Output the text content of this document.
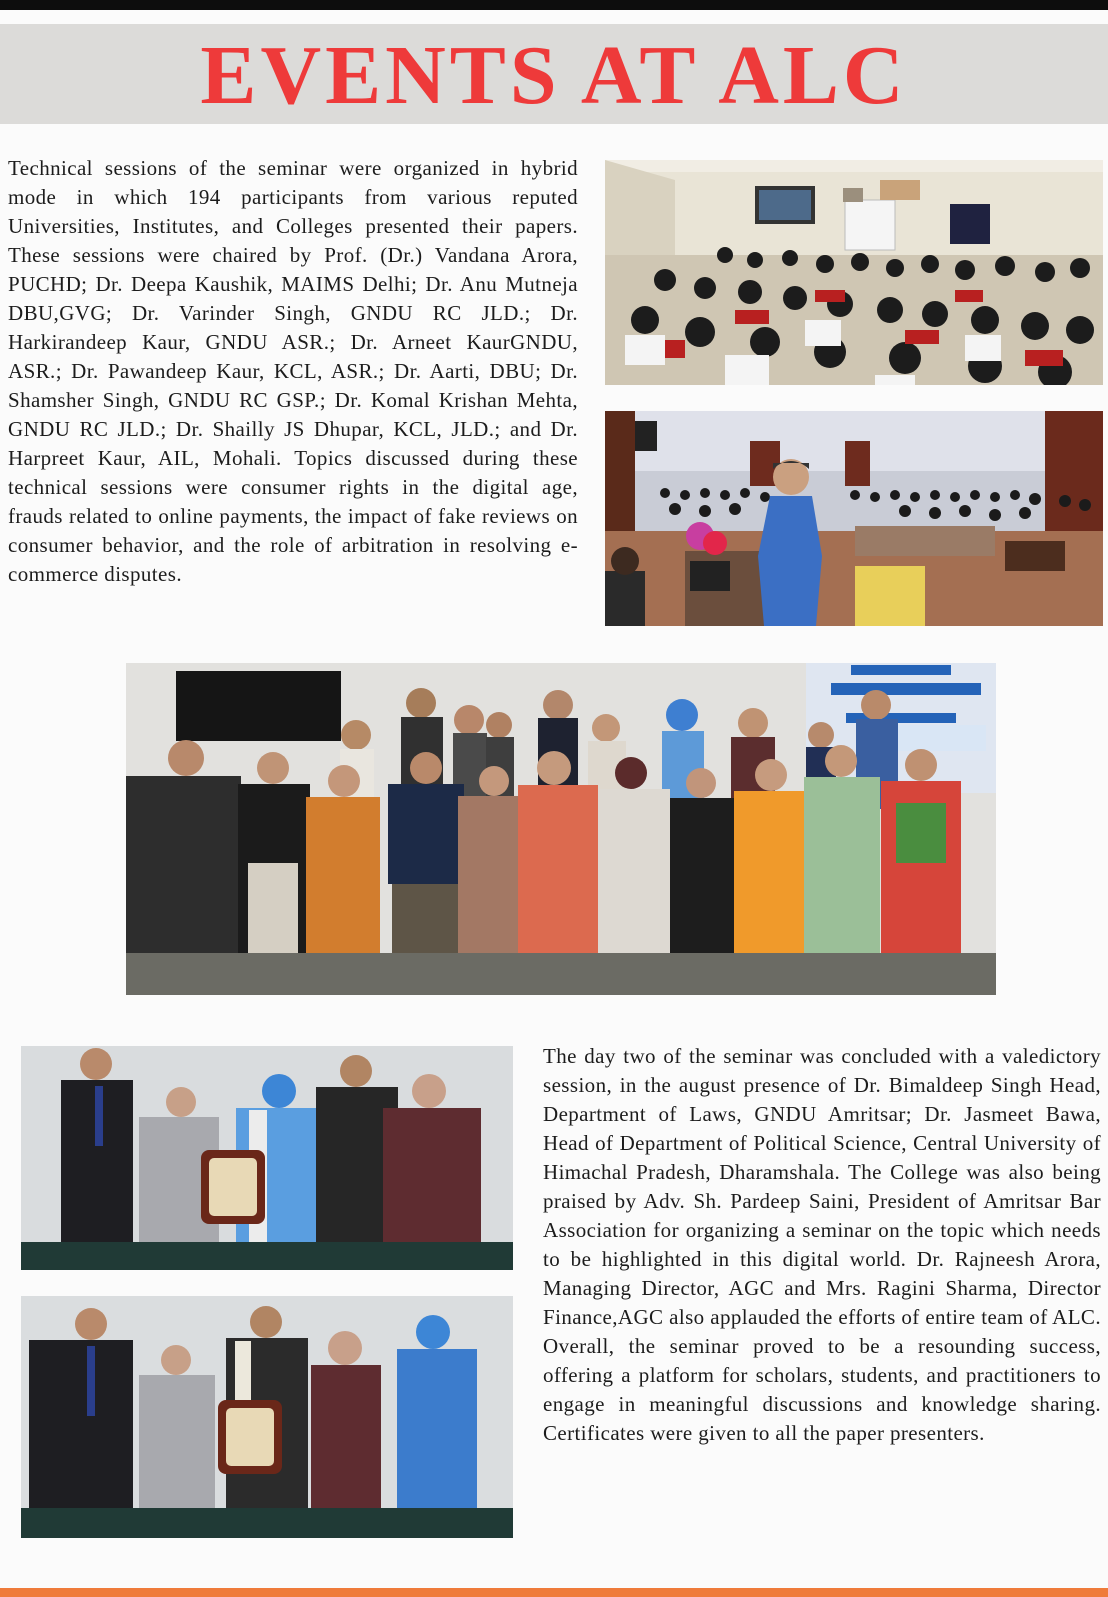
EVENTS AT ALC

Technical sessions of the seminar were organized in hybrid mode in which 194 participants from various reputed Universities, Institutes, and Colleges presented their papers. These sessions were chaired by Prof. (Dr.) Vandana Arora, PUCHD; Dr. Deepa Kaushik, MAIMS Delhi; Dr. Anu Mutneja DBU,GVG; Dr. Varinder Singh, GNDU RC JLD.; Dr. Harkirandeep Kaur, GNDU ASR.; Dr. Arneet KaurGNDU, ASR.; Dr. Pawandeep Kaur, KCL, ASR.; Dr. Aarti, DBU; Dr. Shamsher Singh, GNDU RC GSP.; Dr. Komal Krishan Mehta, GNDU RC JLD.; Dr. Shailly JS Dhupar, KCL, JLD.; and Dr. Harpreet Kaur, AIL, Mohali. Topics discussed during these technical sessions were consumer rights in the digital age, frauds related to online payments, the impact of fake reviews on consumer behavior, and the role of arbitration in resolving e-commerce disputes.

The day two of the seminar was concluded with a valedictory session, in the august presence of Dr. Bimaldeep Singh Head, Department of Laws, GNDU Amritsar; Dr. Jasmeet Bawa, Head of Department of Political Science, Central University of Himachal Pradesh, Dharamshala. The College was also being praised by Adv. Sh. Pardeep Saini, President of Amritsar Bar Association for organizing a seminar on the topic which needs to be highlighted in this digital world. Dr. Rajneesh Arora, Managing Director, AGC and Mrs. Ragini Sharma, Director Finance,AGC also applauded the efforts of entire team of ALC. Overall, the seminar proved to be a resounding success, offering a platform for scholars, students, and practitioners to engage in meaningful discussions and knowledge sharing. Certificates were given to all the paper presenters.
